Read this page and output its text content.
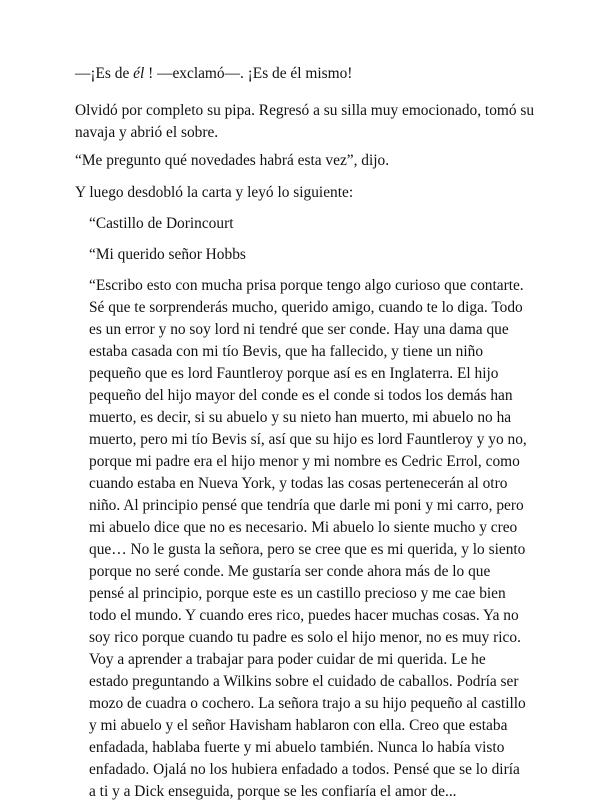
—¡Es de él ! —exclamó—. ¡Es de él mismo!

Olvidó por completo su pipa. Regresó a su silla muy emocionado, tomó su
navaja y abrió el sobre.

“Me pregunto qué novedades habrá esta vez”, dijo.

Y luego desdobló la carta y leyó lo siguiente:

“Castillo de Dorincourt

“Mi querido señor Hobbs

“Escribo esto con mucha prisa porque tengo algo curioso que contarte.
Sé que te sorprenderás mucho, querido amigo, cuando te lo diga. Todo
es un error y no soy lord ni tendré que ser conde. Hay una dama que
estaba casada con mi tío Bevis, que ha fallecido, y tiene un niño
pequeño que es lord Fauntleroy porque así es en Inglaterra. El hijo
pequeño del hijo mayor del conde es el conde si todos los demás han
muerto, es decir, si su abuelo y su nieto han muerto, mi abuelo no ha
muerto, pero mi tío Bevis sí, así que su hijo es lord Fauntleroy y yo no,
porque mi padre era el hijo menor y mi nombre es Cedric Errol, como
cuando estaba en Nueva York, y todas las cosas pertenecerán al otro
niño. Al principio pensé que tendría que darle mi poni y mi carro, pero
mi abuelo dice que no es necesario. Mi abuelo lo siente mucho y creo
que… No le gusta la señora, pero se cree que es mi querida, y lo siento
porque no seré conde. Me gustaría ser conde ahora más de lo que
pensé al principio, porque este es un castillo precioso y me cae bien
todo el mundo. Y cuando eres rico, puedes hacer muchas cosas. Ya no
soy rico porque cuando tu padre es solo el hijo menor, no es muy rico.
Voy a aprender a trabajar para poder cuidar de mi querida. Le he
estado preguntando a Wilkins sobre el cuidado de caballos. Podría ser
mozo de cuadra o cochero. La señora trajo a su hijo pequeño al castillo
y mi abuelo y el señor Havisham hablaron con ella. Creo que estaba
enfadada, hablaba fuerte y mi abuelo también. Nunca lo había visto
enfadado. Ojalá no los hubiera enfadado a todos. Pensé que se lo diría
a ti y a Dick enseguida, porque se les confiaría el amor de...
